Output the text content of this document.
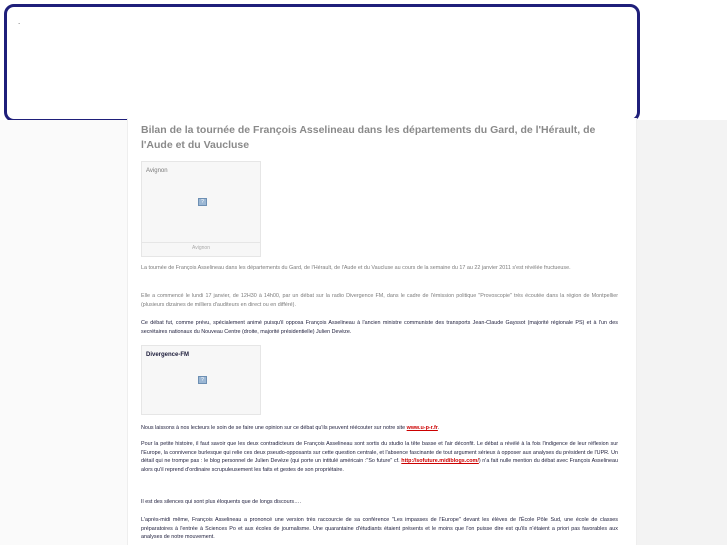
.
Bilan de la tournée de François Asselineau dans les départements du Gard, de l'Hérault, de l'Aude et du Vaucluse
Avignon
?
Avignon

La tournée de François Asselineau dans les départements du Gard, de l'Hérault, de l'Aude et du Vaucluse au cours de la semaine du 17 au 22 janvier 2011 s'est révélée fructueuse.

Elle a commencé le lundi 17 janvier, de 12H30 à 14h00, par un débat sur la radio Divergence FM, dans le cadre de l'émission politique "Provoscopie" très écoutée dans la région de Montpellier (plusieurs dizaines de milliers d'auditeurs en direct ou en différé).

Ce débat fut, comme prévu, spécialement animé puisqu'il opposa François Asselineau à l'ancien ministre communiste des transports Jean-Claude Gayssot (majorité régionale PS) et à l'un des secrétaires nationaux du Nouveau Centre (droite, majorité présidentielle) Julien Devèze.

Divergence-FM
?

Nous laissons à nos lecteurs le soin de se faire une opinion sur ce débat qu'ils peuvent réécouter sur notre site www.u-p-r.fr.

Pour la petite histoire, il faut savoir que les deux contradicteurs de François Asselineau sont sortis du studio la tête basse et l'air déconfit. Le débat a révélé à la fois l'indigence de leur réflexion sur l'Europe, la connivence burlesque qui relie ces deux pseudo-opposants sur cette question centrale, et l'absence fascinante de tout argument sérieux à opposer aux analyses du président de l'UPR. Un détail qui ne trompe pas : le blog personnel de Julien Devèze (qui porte un intitulé américain :"So future" cf. http://sofuture.midiblogs.com/) n'a fait nulle mention du débat avec François Asselineau alors qu'il reprend d'ordinaire scrupuleusement les faits et gestes de son propriétaire.

Il est des silences qui sont plus éloquents que de longs discours….

L'après-midi même, François Asselineau a prononcé une version très raccourcie de sa conférence "Les impasses de l'Europe" devant les élèves de l'École Pôle Sud, une école de classes préparatoires à l'entrée à Sciences Po et aux écoles de journalisme. Une quarantaine d'étudiants étaient présents et le moins que l'on puisse dire est qu'ils n'étaient a priori pas favorables aux analyses de notre mouvement.
